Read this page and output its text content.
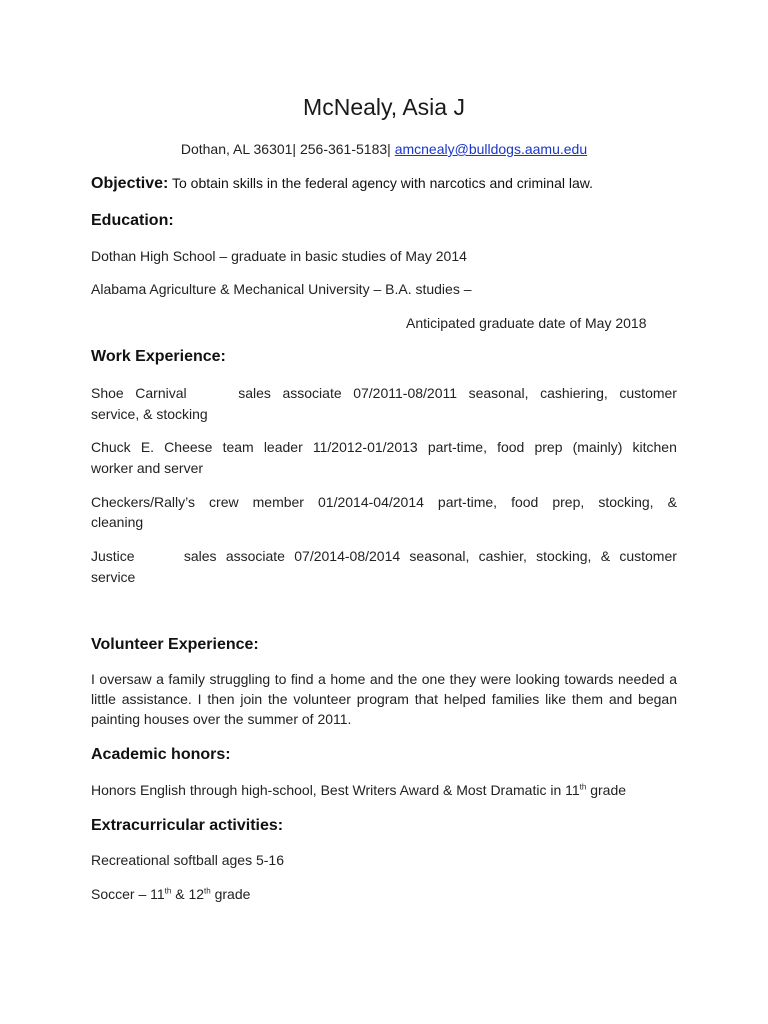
McNealy, Asia J
Dothan, AL 36301| 256-361-5183| amcnealy@bulldogs.aamu.edu
Objective: To obtain skills in the federal agency with narcotics and criminal law.
Education:
Dothan High School – graduate in basic studies of May 2014
Alabama Agriculture & Mechanical University – B.A. studies –
Anticipated graduate date of May 2018
Work Experience:
Shoe Carnival	sales associate 07/2011-08/2011 seasonal, cashiering, customer
service, & stocking
Chuck E. Cheese team leader 11/2012-01/2013 part-time, food prep (mainly) kitchen
worker and server
Checkers/Rally’s crew member 01/2014-04/2014 part-time, food prep, stocking, &
cleaning
Justice	sales associate 07/2014-08/2014 seasonal, cashier, stocking, & customer
service
Volunteer Experience:
I oversaw a family struggling to find a home and the one they were looking towards needed a little assistance. I then join the volunteer program that helped families like them and began painting houses over the summer of 2011.
Academic honors:
Honors English through high-school, Best Writers Award & Most Dramatic in 11th grade
Extracurricular activities:
Recreational softball ages 5-16
Soccer – 11th & 12th grade
